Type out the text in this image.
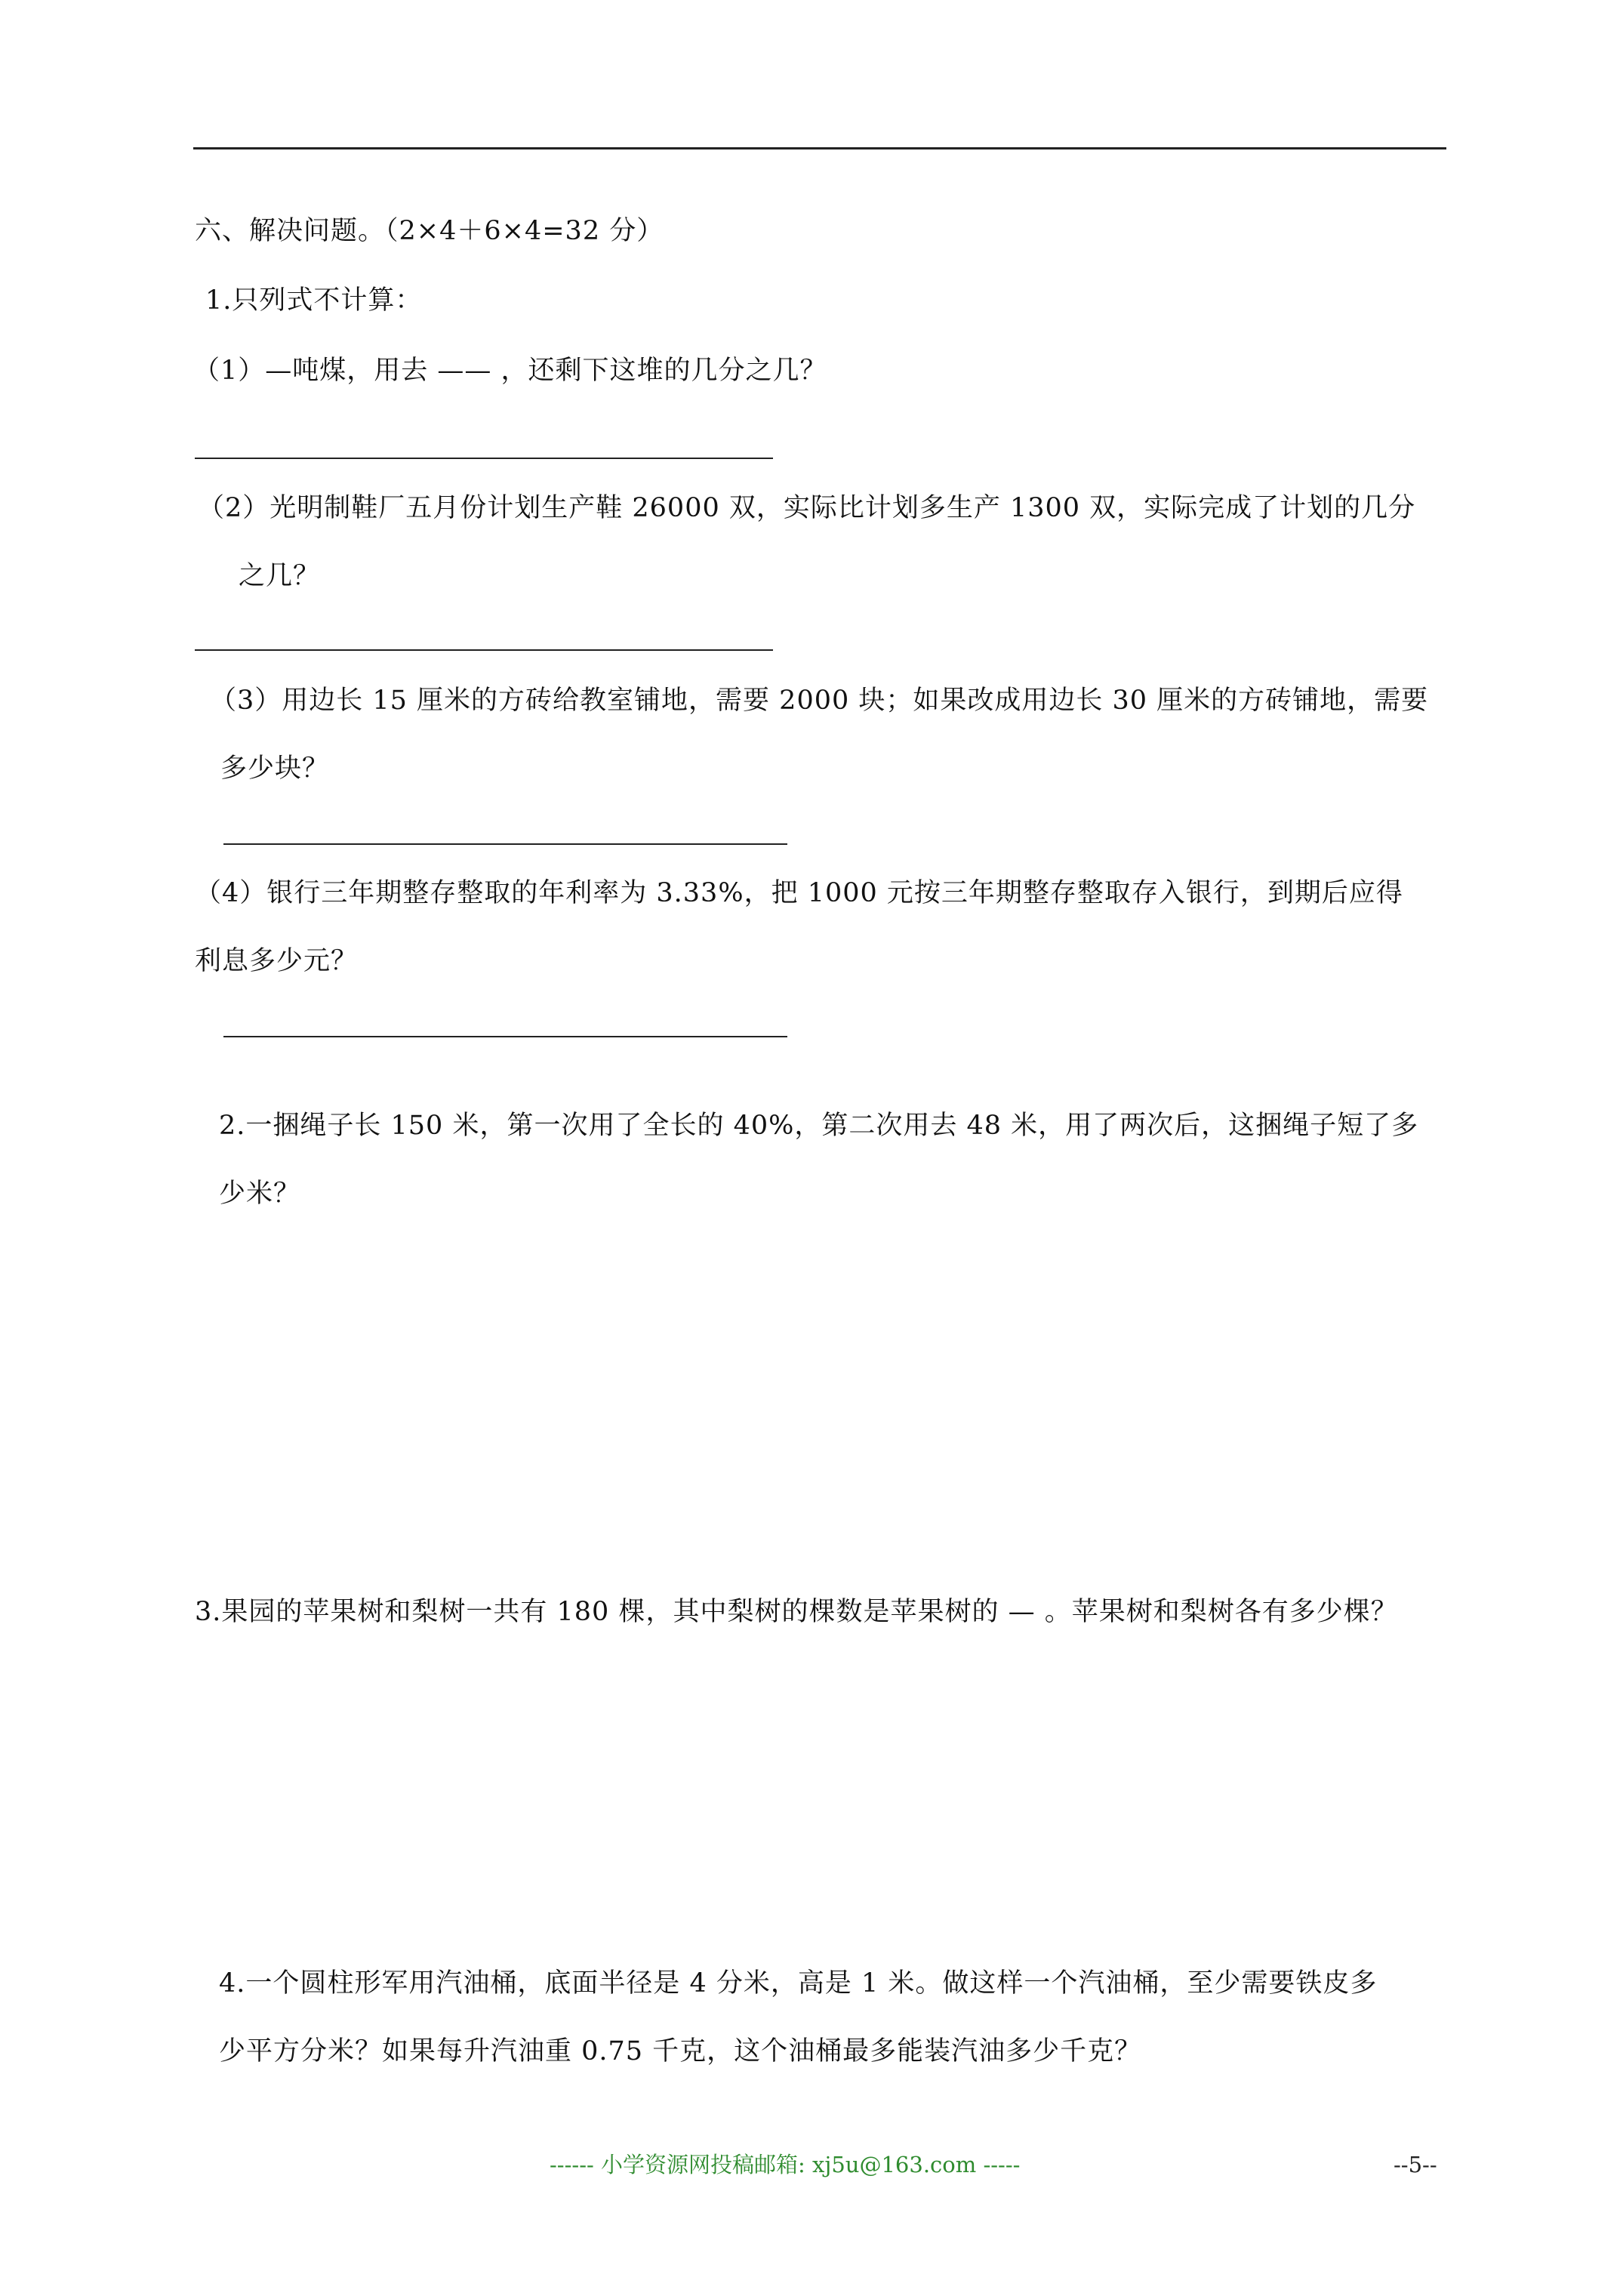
六、解决问题。（2×4＋6×4=32 分）
1.只列式不计算：
（1）—吨煤，用去 —— ，还剩下这堆的几分之几？
（2）光明制鞋厂五月份计划生产鞋 26000 双，实际比计划多生产 1300 双，实际完成了计划的几分
之几？
（3）用边长 15 厘米的方砖给教室铺地，需要 2000 块；如果改成用边长 30 厘米的方砖铺地，需要
多少块？
（4）银行三年期整存整取的年利率为 3.33%，把 1000 元按三年期整存整取存入银行，到期后应得
利息多少元？
2.一捆绳子长 150 米，第一次用了全长的 40%，第二次用去 48 米，用了两次后，这捆绳子短了多
少米？
3.果园的苹果树和梨树一共有 180 棵，其中梨树的棵数是苹果树的 — 。苹果树和梨树各有多少棵？
4.一个圆柱形军用汽油桶，底面半径是 4 分米，高是 1 米。做这样一个汽油桶，至少需要铁皮多
少平方分米？如果每升汽油重 0.75 千克，这个油桶最多能装汽油多少千克？
------ 小学资源网投稿邮箱: xj5u@163.com -----	--5--
